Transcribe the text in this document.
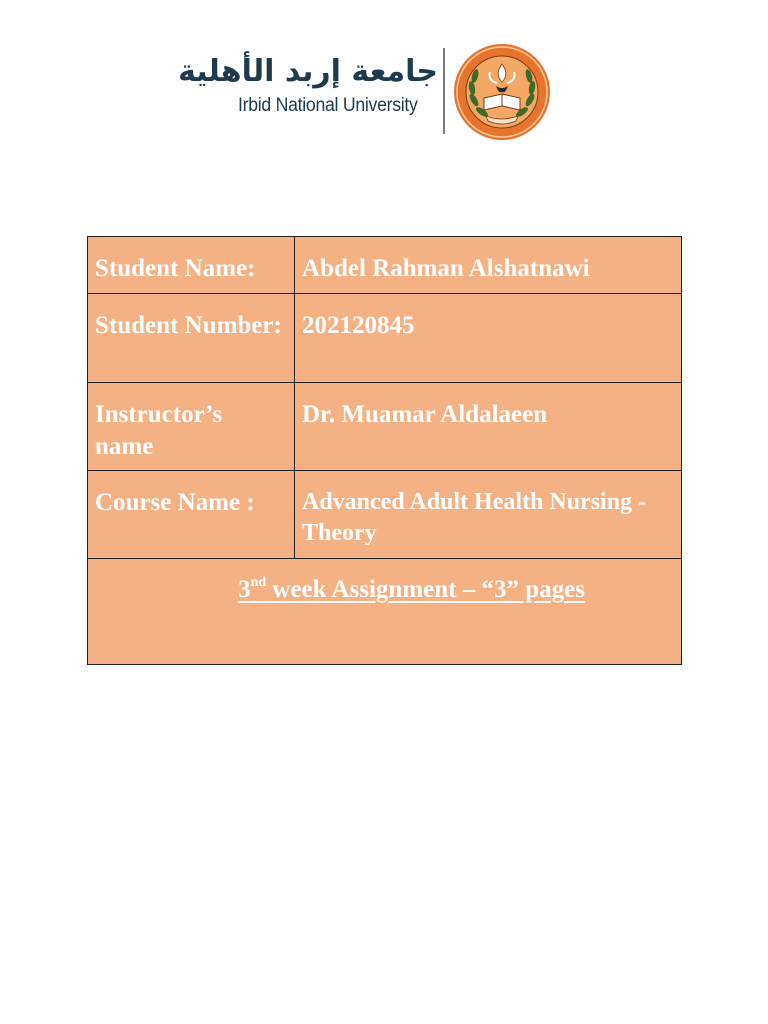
جامعة إربد الأهلية
Irbid National University
Student Name:	Abdel Rahman Alshatnawi
Student Number: 202120845
Instructor’s name
Dr. Muamar Aldalaeen
Course Name :	Advanced Adult Health Nursing - Theory
3nd week Assignment – “3” pages
